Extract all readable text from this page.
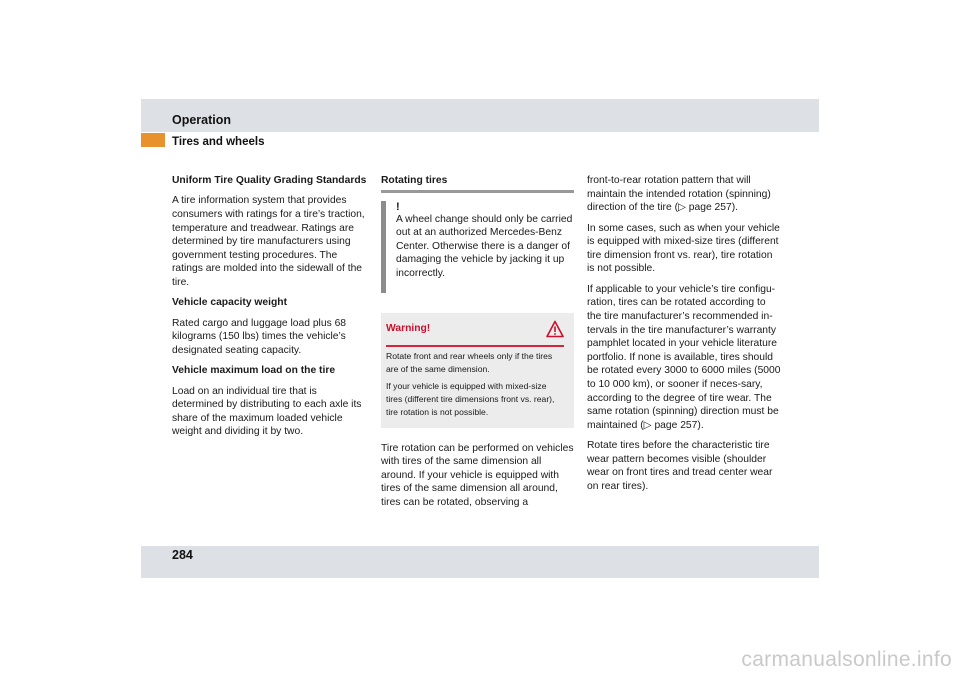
Operation
Tires and wheels
Uniform Tire Quality Grading Standards

A tire information system that provides consumers with ratings for a tire’s traction, temperature and treadwear. Ratings are determined by tire manufacturers using government testing procedures. The ratings are molded into the sidewall of the tire.

Vehicle capacity weight

Rated cargo and luggage load plus 68 kilograms (150 lbs) times the vehicle’s designated seating capacity.

Vehicle maximum load on the tire

Load on an individual tire that is determined by distributing to each axle its share of the maximum loaded vehicle weight and dividing it by two.

Rotating tires
!

A wheel change should only be carried out at an authorized Mercedes-Benz Center. Otherwise there is a danger of damaging the vehicle by jacking it up incorrectly.

Warning!

Rotate front and rear wheels only if the tires are of the same dimension.

If your vehicle is equipped with mixed-size tires (different tire dimensions front vs. rear), tire rotation is not possible.

Tire rotation can be performed on vehicles with tires of the same dimension all around. If your vehicle is equipped with tires of the same dimension all around, tires can be rotated, observing a

front-to-rear rotation pattern that will maintain the intended rotation (spinning) direction of the tire (▷ page 257).

In some cases, such as when your vehicle is equipped with mixed-size tires (different tire dimension front vs. rear), tire rotation is not possible.

If applicable to your vehicle’s tire configu-ration, tires can be rotated according to the tire manufacturer’s recommended in-tervals in the tire manufacturer’s warranty pamphlet located in your vehicle literature portfolio. If none is available, tires should be rotated every 3000 to 6000 miles (5000 to 10 000 km), or sooner if neces-sary, according to the degree of tire wear. The same rotation (spinning) direction must be maintained (▷ page 257).

Rotate tires before the characteristic tire wear pattern becomes visible (shoulder wear on front tires and tread center wear on rear tires).

284
carmanualsonline.info
